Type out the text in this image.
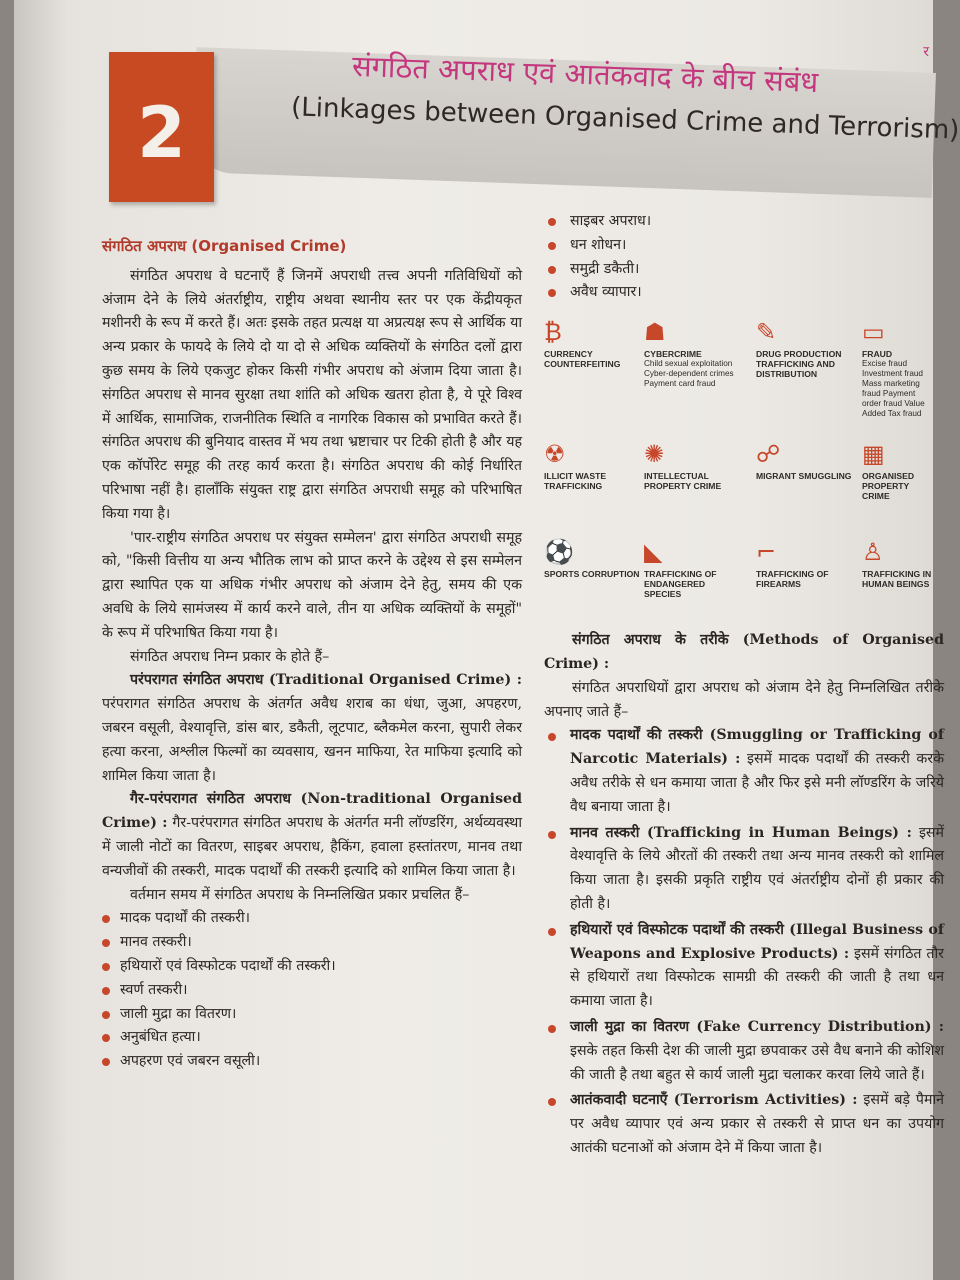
2
संगठित अपराध एवं आतंकवाद के बीच संबंध
(Linkages between Organised Crime and Terrorism)
र
संगठित अपराध (Organised Crime)

संगठित अपराध वे घटनाएँ हैं जिनमें अपराधी तत्त्व अपनी गतिविधियों को अंजाम देने के लिये अंतर्राष्ट्रीय, राष्ट्रीय अथवा स्थानीय स्तर पर एक केंद्रीयकृत मशीनरी के रूप में करते हैं। अतः इसके तहत प्रत्यक्ष या अप्रत्यक्ष रूप से आर्थिक या अन्य प्रकार के फायदे के लिये दो या दो से अधिक व्यक्तियों के संगठित दलों द्वारा कुछ समय के लिये एकजुट होकर किसी गंभीर अपराध को अंजाम दिया जाता है। संगठित अपराध से मानव सुरक्षा तथा शांति को अधिक खतरा होता है, ये पूरे विश्व में आर्थिक, सामाजिक, राजनीतिक स्थिति व नागरिक विकास को प्रभावित करते हैं। संगठित अपराध की बुनियाद वास्तव में भय तथा भ्रष्टाचार पर टिकी होती है और यह एक कॉर्पोरेट समूह की तरह कार्य करता है। संगठित अपराध की कोई निर्धारित परिभाषा नहीं है। हालाँकि संयुक्त राष्ट्र द्वारा संगठित अपराधी समूह को परिभाषित किया गया है।

'पार-राष्ट्रीय संगठित अपराध पर संयुक्त सम्मेलन' द्वारा संगठित अपराधी समूह को, "किसी वित्तीय या अन्य भौतिक लाभ को प्राप्त करने के उद्देश्य से इस सम्मेलन द्वारा स्थापित एक या अधिक गंभीर अपराध को अंजाम देने हेतु, समय की एक अवधि के लिये सामंजस्य में कार्य करने वाले, तीन या अधिक व्यक्तियों के समूहों" के रूप में परिभाषित किया गया है।

संगठित अपराध निम्न प्रकार के होते हैं–

परंपरागत संगठित अपराध (Traditional Organised Crime) : परंपरागत संगठित अपराध के अंतर्गत अवैध शराब का धंधा, जुआ, अपहरण, जबरन वसूली, वेश्यावृत्ति, डांस बार, डकैती, लूटपाट, ब्लैकमेल करना, सुपारी लेकर हत्या करना, अश्लील फिल्मों का व्यवसाय, खनन माफिया, रेत माफिया इत्यादि को शामिल किया जाता है।

गैर-परंपरागत संगठित अपराध (Non-traditional Organised Crime) : गैर-परंपरागत संगठित अपराध के अंतर्गत मनी लॉण्डरिंग, अर्थव्यवस्था में जाली नोटों का वितरण, साइबर अपराध, हैकिंग, हवाला हस्तांतरण, मानव तथा वन्यजीवों की तस्करी, मादक पदार्थों की तस्करी इत्यादि को शामिल किया जाता है।

वर्तमान समय में संगठित अपराध के निम्नलिखित प्रकार प्रचलित हैं–

मादक पदार्थों की तस्करी।
मानव तस्करी।
हथियारों एवं विस्फोटक पदार्थों की तस्करी।
स्वर्ण तस्करी।
जाली मुद्रा का वितरण।
अनुबंधित हत्या।
अपहरण एवं जबरन वसूली।
साइबर अपराध।
धन शोधन।
समुद्री डकैती।
अवैध व्यापार।
₿
CURRENCY COUNTERFEITING
☗
CYBERCRIME
Child sexual exploitation Cyber-dependent crimes Payment card fraud
✎
DRUG PRODUCTION TRAFFICKING AND DISTRIBUTION
▭
FRAUD
Excise fraud Investment fraud Mass marketing fraud Payment order fraud Value Added Tax fraud
☢
ILLICIT WASTE TRAFFICKING
✺
INTELLECTUAL PROPERTY CRIME
☍
MIGRANT SMUGGLING
▦
ORGANISED PROPERTY CRIME
⚽
SPORTS CORRUPTION
◣
TRAFFICKING OF ENDANGERED SPECIES
⌐
TRAFFICKING OF FIREARMS
♙
TRAFFICKING IN HUMAN BEINGS

संगठित अपराध के तरीके (Methods of Organised Crime) :

संगठित अपराधियों द्वारा अपराध को अंजाम देने हेतु निम्नलिखित तरीके अपनाए जाते हैं–

मादक पदार्थों की तस्करी (Smuggling or Trafficking of Narcotic Materials) : इसमें मादक पदार्थों की तस्करी करके अवैध तरीके से धन कमाया जाता है और फिर इसे मनी लॉण्डरिंग के जरिये वैध बनाया जाता है।
मानव तस्करी (Trafficking in Human Beings) : इसमें वेश्यावृत्ति के लिये औरतों की तस्करी तथा अन्य मानव तस्करी को शामिल किया जाता है। इसकी प्रकृति राष्ट्रीय एवं अंतर्राष्ट्रीय दोनों ही प्रकार की होती है।
हथियारों एवं विस्फोटक पदार्थों की तस्करी (Illegal Business of Weapons and Explosive Products) : इसमें संगठित तौर से हथियारों तथा विस्फोटक सामग्री की तस्करी की जाती है तथा धन कमाया जाता है।
जाली मुद्रा का वितरण (Fake Currency Distribution) : इसके तहत किसी देश की जाली मुद्रा छपवाकर उसे वैध बनाने की कोशिश की जाती है तथा बहुत से कार्य जाली मुद्रा चलाकर करवा लिये जाते हैं।
आतंकवादी घटनाएँ (Terrorism Activities) : इसमें बड़े पैमाने पर अवैध व्यापार एवं अन्य प्रकार से तस्करी से प्राप्त धन का उपयोग आतंकी घटनाओं को अंजाम देने में किया जाता है।
